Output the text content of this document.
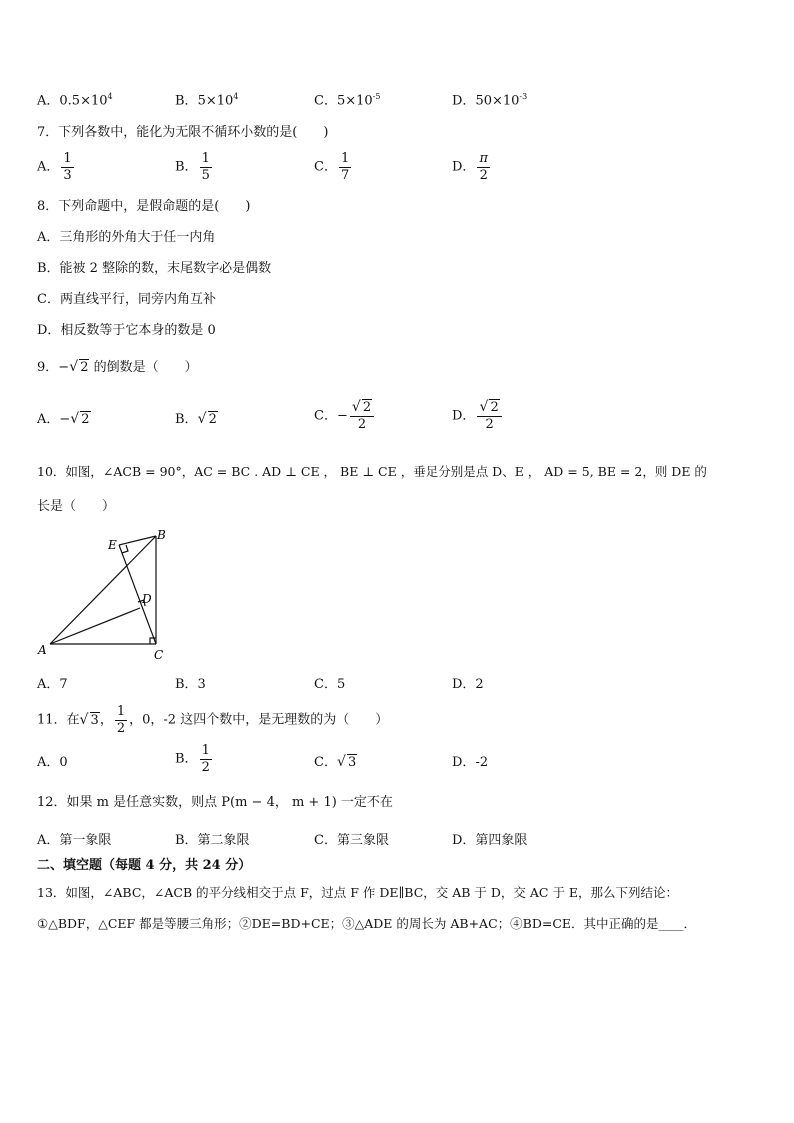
A．$0.5\times 10^4$	B．$5\times 10^4$	C．$5\times 10^{-5}$	D．$50\times 10^{-3}$
7．下列各数中，能化为无限不循环小数的是(　　)
A． $\frac{1}{3}$	B． $\frac{1}{5}$	C． $\frac{1}{7}$	D． $\frac{\pi}{2}$
8．下列命题中，是假命题的是(　　)
A．三角形的外角大于任一内角
B．能被 2 整除的数，末尾数字必是偶数
C．两直线平行，同旁内角互补
D．相反数等于它本身的数是 0
9．− √ 2 的倒数是（　　）
A．− √ 2	B． √ 2	C．− $\frac{√ 2}{2}$	D． $\frac{√ 2}{2}$
10．如图，∠ACB = 90°，AC = BC . AD ⊥ CE ， BE ⊥ CE ，垂足分别是点 D、E ， AD = 5, BE = 2，则 DE 的
长是（　　）
A
B
C
D
E
A．7	B．3	C．5	D．2
11．在 √ 3， $\frac{1}{2}$ ，0，-2 这四个数中，是无理数的为（　　）
A．0	B． $\frac{1}{2}$	C． √ 3	D．-2
12．如果 m 是任意实数，则点 P(m − 4， m + 1) 一定不在
A．第一象限	B．第二象限	C．第三象限	D．第四象限
二、填空题（每题 4 分，共 24 分）
13．如图，∠ABC，∠ACB 的平分线相交于点 F，过点 F 作 DE∥BC，交 AB 于 D，交 AC 于 E，那么下列结论：
①△BDF，△CEF 都是等腰三角形；②DE=BD+CE；③△ADE 的周长为 AB+AC；④BD=CE．其中正确的是____．
